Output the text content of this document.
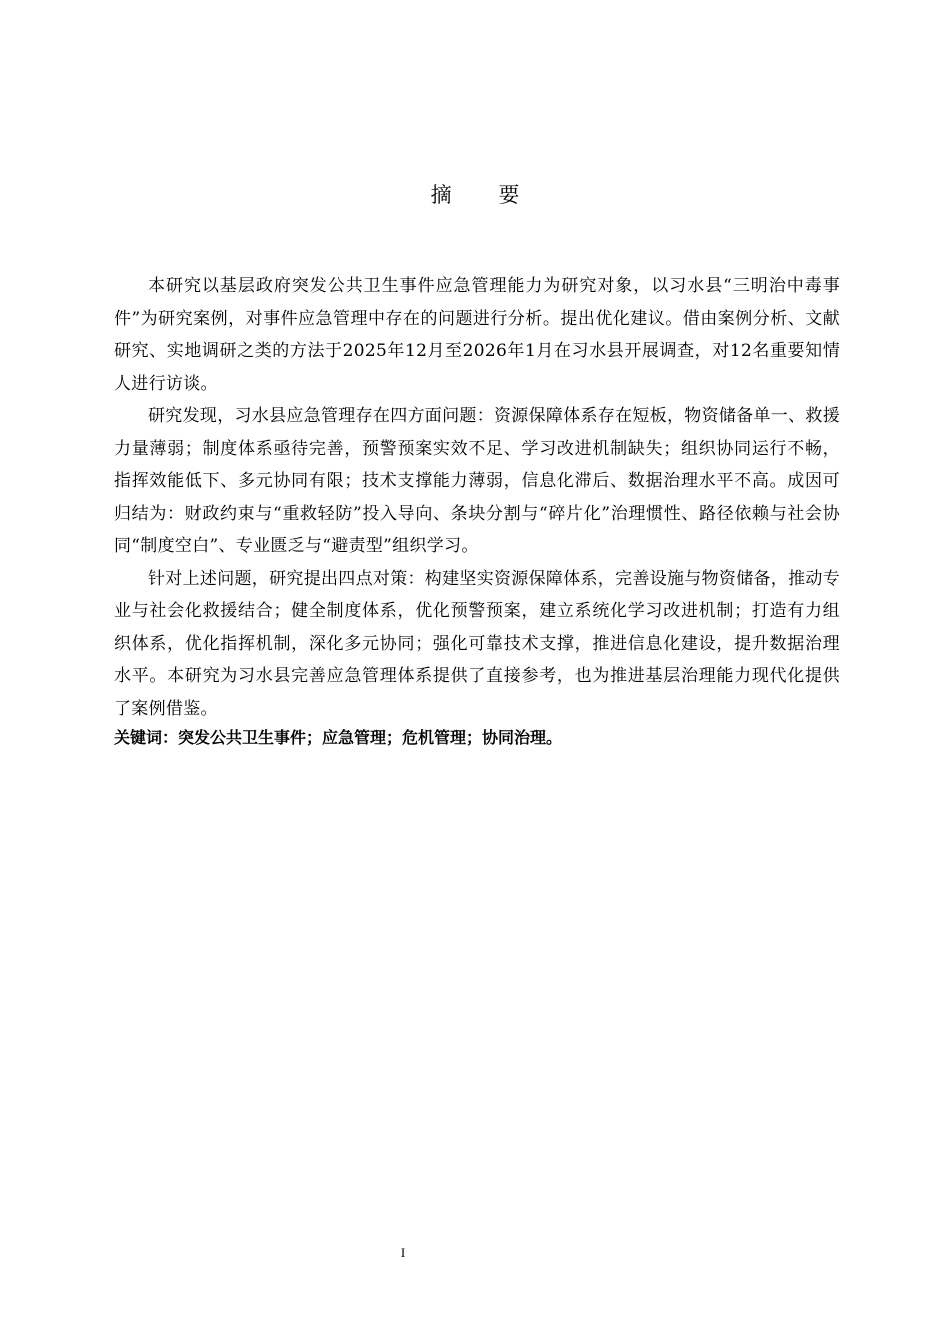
摘 要

本研究以基层政府突发公共卫生事件应急管理能力为研究对象，以习水县“三明治中毒事件”为研究案例，对事件应急管理中存在的问题进行分析。提出优化建议。借由案例分析、文献研究、实地调研之类的方法于2025年12月至2026年1月在习水县开展调查，对12名重要知情人进行访谈。

研究发现，习水县应急管理存在四方面问题：资源保障体系存在短板，物资储备单一、救援力量薄弱；制度体系亟待完善，预警预案实效不足、学习改进机制缺失；组织协同运行不畅，指挥效能低下、多元协同有限；技术支撑能力薄弱，信息化滞后、数据治理水平不高。成因可归结为：财政约束与“重救轻防”投入导向、条块分割与“碎片化”治理惯性、路径依赖与社会协同“制度空白”、专业匮乏与“避责型”组织学习。

针对上述问题，研究提出四点对策：构建坚实资源保障体系，完善设施与物资储备，推动专业与社会化救援结合；健全制度体系，优化预警预案，建立系统化学习改进机制；打造有力组织体系，优化指挥机制，深化多元协同；强化可靠技术支撑，推进信息化建设，提升数据治理水平。本研究为习水县完善应急管理体系提供了直接参考，也为推进基层治理能力现代化提供了案例借鉴。

关键词：突发公共卫生事件；应急管理；危机管理；协同治理。

I
